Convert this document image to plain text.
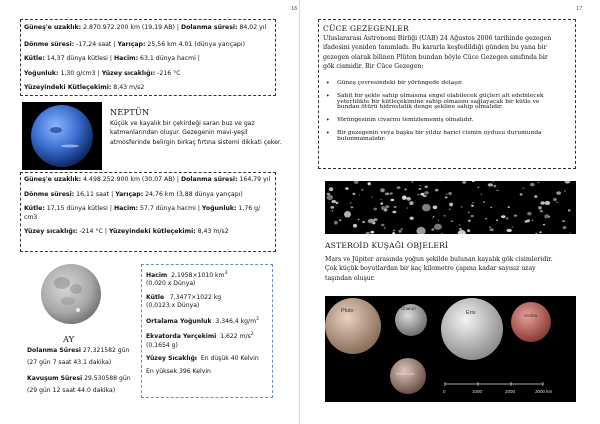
16	17
Güneş'e uzaklık: 2.870.972.200 km (19,19 AB) | Dolanma süresi: 84,02 yıl
Dönme süresi: -17,24 saat | Yarıçap: 25,56 km 4.01 (dünya yarıçapı)
Kütle: 14,37 dünya kütlesi | Hacim: 63,1 dünya hacmi |
Yoğunluk: 1,30 g/cm3 | Yüzey sıcaklığı: -216 °C
Yüzeyindeki Kütleçekimi: 8,43 m/s2
NEPTÜN
Küçük ve kayalık bir çekirdeği saran buz ve gaz
katmanlarından oluşur. Gezegenin mavi-yeşil
atmosferinde belirgin birkaç fırtına sistemi dikkati çeker.
Güneş'e uzaklık: 4.498.252.900 km (30,07 AB) | Dolanma süresi: 164,79 yıl
Dönme süresi: 16,11 saat | Yarıçap: 24,76 km (3,88 dünya yarıçapı)
Kütle: 17,15 dünya kütlesi | Hacim: 57,7 dünya hacmi | Yoğunluk: 1,76 g/
cm3
Yüzey sıcaklığı: -214 °C | Yüzeyindeki kütleçekimi: 8,43 m/s2
AY
Dolanma Süresi 27,321582 gün
(27 gün 7 saat 43.1 dakika)
Kavuşum Süresi 29,530588 gün
(29 gün 12 saat 44.0 dakika)
Hacim 2,1958×1010 $km^3$
(0,020 x Dünya)
Kütle 7,3477×1022 kg
(0,0123 x Dünya)
Ortalama Yoğunluk 3.346,4 $kg/m^3$
Ekvatorda Yerçekimi 1,622 $m/s^2$
(0,1654 g)
Yüzey Sıcaklığı En düşük 40 Kelvin
En yüksek 396 Kelvin
CÜCE GEZEGENLER
Uluslararası Astronomi Birliği (UAB) 24 Ağustos 2006 tarihinde gezegen
ifadesini yeniden tanımladı. Bu kararla keşfedildiği günden bu yana bir
gezegen olarak bilinen Plüton bundan böyle Cüce Gezegen sınıfında bir
gök cismidir. Bir Cüce Gezegen;
• Güneş çevresindeki bir yörüngede dolaşır.
• Sabit bir şekle sahip olmasına engel olabilecek güçleri alt edebilecek
yeterlilikte bir kütleçekimine sahip olmasını sağlayacak bir kütle ve
bundan ötürü hidrostatik denge şekline sahip olmalıdır.
• Yörüngesinin civarını temizlememiş olmalıdır.
• Bir gezegenin veya başka bir yıldız harici cismin uydusu durumunda
bulunmamalıdır.
ASTEROİD KUŞAĞI OBJELERİ
Mars ve Jüpiter arasında yoğun şekilde bulunan kayalık gök cisimleridir.
Çok küçük boyutlardan bir kaç kilometre çapına kadar sayısız uzay
taşından oluşur.
Pluto	Charon
Eris	Sedna
Makemake
0	1000	2000	3000 km
